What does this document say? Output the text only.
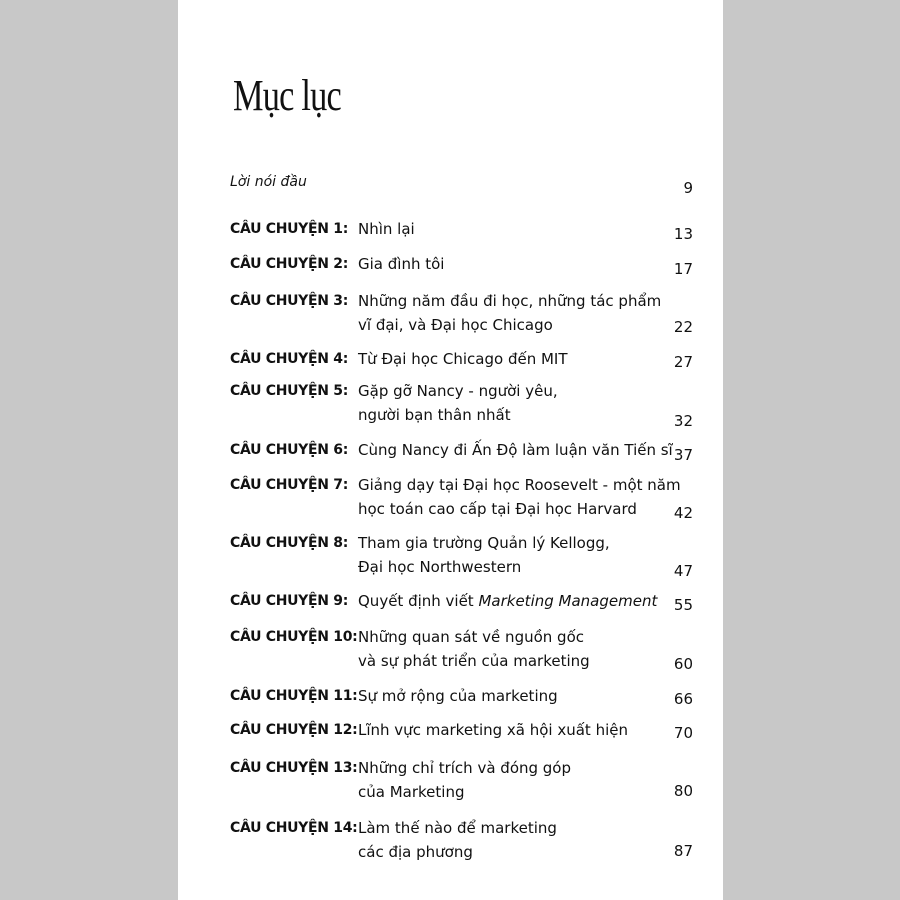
Mục lục
Lời nói đầu	9
CÂU CHUYỆN 1: Nhìn lại	13
CÂU CHUYỆN 2: Gia đình tôi	17
CÂU CHUYỆN 3: Những năm đầu đi học, những tác phẩm
vĩ đại, và Đại học Chicago	22
CÂU CHUYỆN 4: Từ Đại học Chicago đến MIT	27
CÂU CHUYỆN 5: Gặp gỡ Nancy - người yêu,
người bạn thân nhất	32
CÂU CHUYỆN 6: Cùng Nancy đi Ấn Độ làm luận văn Tiến sĩ 37
CÂU CHUYỆN 7: Giảng dạy tại Đại học Roosevelt - một năm
học toán cao cấp tại Đại học Harvard	42
CÂU CHUYỆN 8: Tham gia trường Quản lý Kellogg,
Đại học Northwestern	47
CÂU CHUYỆN 9: Quyết định viết Marketing Management 55
CÂU CHUYỆN 10: Những quan sát về nguồn gốc
và sự phát triển của marketing	60
CÂU CHUYỆN 11: Sự mở rộng của marketing	66
CÂU CHUYỆN 12: Lĩnh vực marketing xã hội xuất hiện	70
CÂU CHUYỆN 13: Những chỉ trích và đóng góp
của Marketing	80
CÂU CHUYỆN 14: Làm thế nào để marketing
các địa phương	87
